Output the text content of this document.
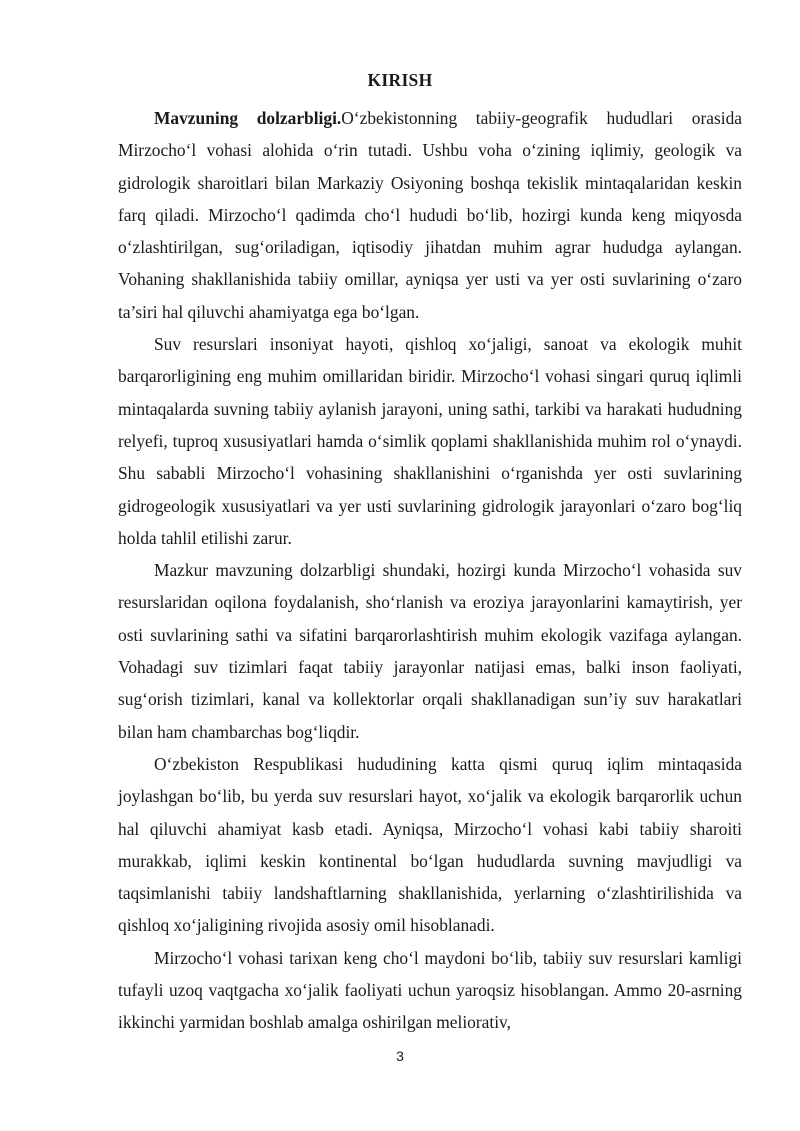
KIRISH

Mavzuning dolzarbligi.O‘zbekistonning tabiiy-geografik hududlari orasida Mirzocho‘l vohasi alohida o‘rin tutadi. Ushbu voha o‘zining iqlimiy, geologik va gidrologik sharoitlari bilan Markaziy Osiyoning boshqa tekislik mintaqalaridan keskin farq qiladi. Mirzocho‘l qadimda cho‘l hududi bo‘lib, hozirgi kunda keng miqyosda o‘zlashtirilgan, sug‘oriladigan, iqtisodiy jihatdan muhim agrar hududga aylangan. Vohaning shakllanishida tabiiy omillar, ayniqsa yer usti va yer osti suvlarining o‘zaro ta’siri hal qiluvchi ahamiyatga ega bo‘lgan.

Suv resurslari insoniyat hayoti, qishloq xo‘jaligi, sanoat va ekologik muhit barqarorligining eng muhim omillaridan biridir. Mirzocho‘l vohasi singari quruq iqlimli mintaqalarda suvning tabiiy aylanish jarayoni, uning sathi, tarkibi va harakati hududning relyefi, tuproq xususiyatlari hamda o‘simlik qoplami shakllanishida muhim rol o‘ynaydi. Shu sababli Mirzocho‘l vohasining shakllanishini o‘rganishda yer osti suvlarining gidrogeologik xususiyatlari va yer usti suvlarining gidrologik jarayonlari o‘zaro bog‘liq holda tahlil etilishi zarur.

Mazkur mavzuning dolzarbligi shundaki, hozirgi kunda Mirzocho‘l vohasida suv resurslaridan oqilona foydalanish, sho‘rlanish va eroziya jarayonlarini kamaytirish, yer osti suvlarining sathi va sifatini barqarorlashtirish muhim ekologik vazifaga aylangan. Vohadagi suv tizimlari faqat tabiiy jarayonlar natijasi emas, balki inson faoliyati, sug‘orish tizimlari, kanal va kollektorlar orqali shakllanadigan sun’iy suv harakatlari bilan ham chambarchas bog‘liqdir.

O‘zbekiston Respublikasi hududining katta qismi quruq iqlim mintaqasida joylashgan bo‘lib, bu yerda suv resurslari hayot, xo‘jalik va ekologik barqarorlik uchun hal qiluvchi ahamiyat kasb etadi. Ayniqsa, Mirzocho‘l vohasi kabi tabiiy sharoiti murakkab, iqlimi keskin kontinental bo‘lgan hududlarda suvning mavjudligi va taqsimlanishi tabiiy landshaftlarning shakllanishida, yerlarning o‘zlashtirilishida va qishloq xo‘jaligining rivojida asosiy omil hisoblanadi.

Mirzocho‘l vohasi tarixan keng cho‘l maydoni bo‘lib, tabiiy suv resurslari kamligi tufayli uzoq vaqtgacha xo‘jalik faoliyati uchun yaroqsiz hisoblangan. Ammo 20-asrning ikkinchi yarmidan boshlab amalga oshirilgan meliorativ,

3
